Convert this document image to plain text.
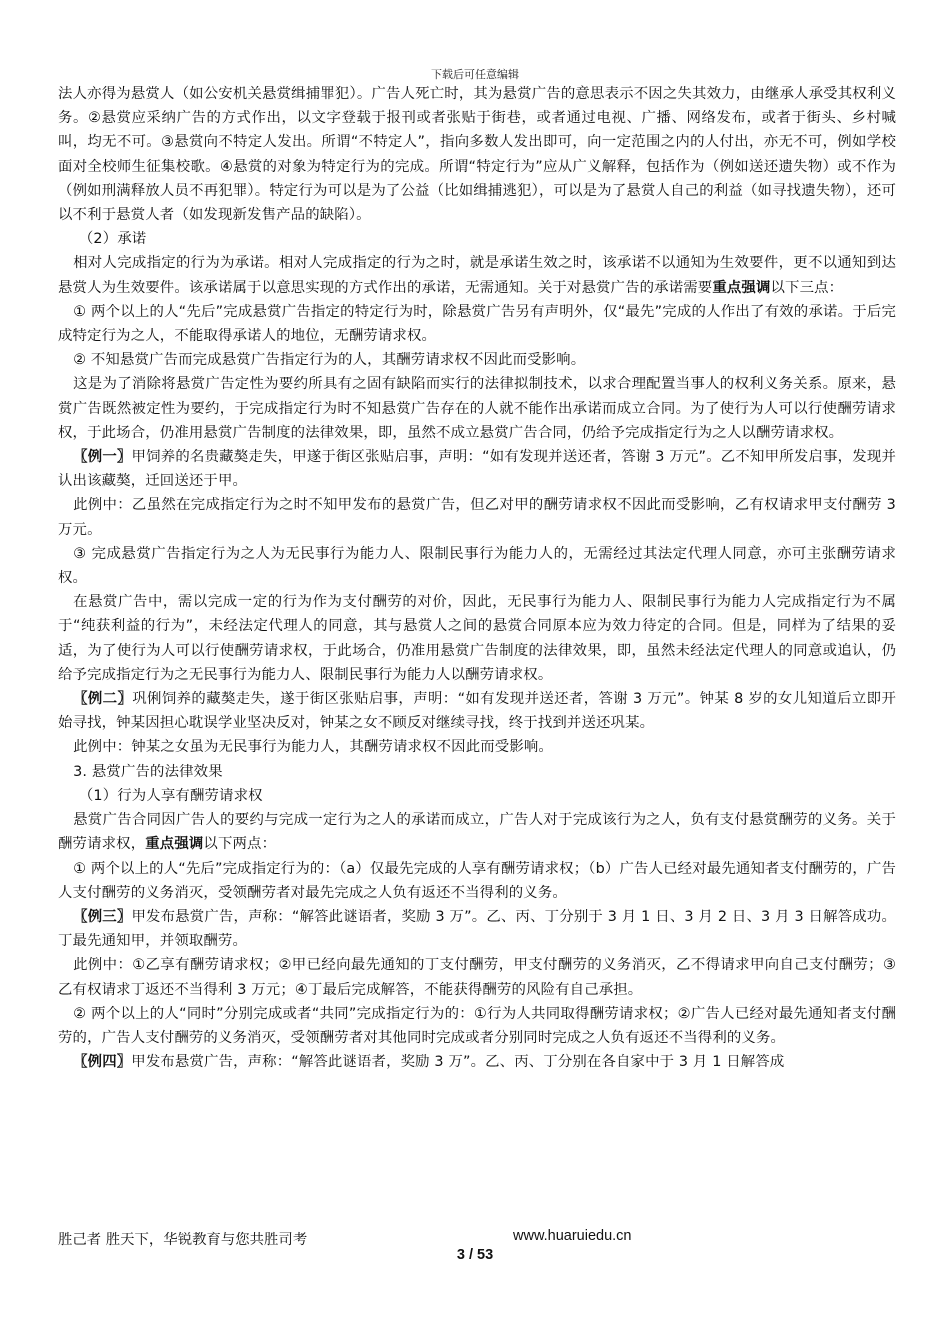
下载后可任意编辑

法人亦得为悬赏人（如公安机关悬赏缉捕罪犯）。广告人死亡时，其为悬赏广告的意思表示不因之失其效力，由继承人承受其权利义务。②悬赏应采纳广告的方式作出，以文字登载于报刊或者张贴于街巷，或者通过电视、广播、网络发布，或者于街头、乡村喊叫，均无不可。③悬赏向不特定人发出。所谓“不特定人”，指向多数人发出即可，向一定范围之内的人付出，亦无不可，例如学校面对全校师生征集校歌。④悬赏的对象为特定行为的完成。所谓“特定行为”应从广义解释，包括作为（例如送还遗失物）或不作为（例如刑满释放人员不再犯罪）。特定行为可以是为了公益（比如缉捕逃犯），可以是为了悬赏人自己的利益（如寻找遗失物），还可以不利于悬赏人者（如发现新发售产品的缺陷）。

（2）承诺

相对人完成指定的行为为承诺。相对人完成指定的行为之时，就是承诺生效之时，该承诺不以通知为生效要件，更不以通知到达悬赏人为生效要件。该承诺属于以意思实现的方式作出的承诺，无需通知。关于对悬赏广告的承诺需要重点强调以下三点：

① 两个以上的人“先后”完成悬赏广告指定的特定行为时，除悬赏广告另有声明外，仅“最先”完成的人作出了有效的承诺。于后完成特定行为之人，不能取得承诺人的地位，无酬劳请求权。

② 不知悬赏广告而完成悬赏广告指定行为的人，其酬劳请求权不因此而受影响。

这是为了消除将悬赏广告定性为要约所具有之固有缺陷而实行的法律拟制技术，以求合理配置当事人的权利义务关系。原来，悬赏广告既然被定性为要约，于完成指定行为时不知悬赏广告存在的人就不能作出承诺而成立合同。为了使行为人可以行使酬劳请求权，于此场合，仍准用悬赏广告制度的法律效果，即，虽然不成立悬赏广告合同，仍给予完成指定行为之人以酬劳请求权。

〖例一〗甲饲养的名贵藏獒走失，甲遂于街区张贴启事，声明：“如有发现并送还者，答谢 3 万元”。乙不知甲所发启事，发现并认出该藏獒，迁回送还于甲。

此例中：乙虽然在完成指定行为之时不知甲发布的悬赏广告，但乙对甲的酬劳请求权不因此而受影响，乙有权请求甲支付酬劳 3 万元。

③ 完成悬赏广告指定行为之人为无民事行为能力人、限制民事行为能力人的，无需经过其法定代理人同意，亦可主张酬劳请求权。

在悬赏广告中，需以完成一定的行为作为支付酬劳的对价，因此，无民事行为能力人、限制民事行为能力人完成指定行为不属于“纯获利益的行为”，未经法定代理人的同意，其与悬赏人之间的悬赏合同原本应为效力待定的合同。但是，同样为了结果的妥适，为了使行为人可以行使酬劳请求权，于此场合，仍准用悬赏广告制度的法律效果，即，虽然未经法定代理人的同意或追认，仍给予完成指定行为之无民事行为能力人、限制民事行为能力人以酬劳请求权。

〖例二〗巩俐饲养的藏獒走失，遂于街区张贴启事，声明：“如有发现并送还者，答谢 3 万元”。钟某 8 岁的女儿知道后立即开始寻找，钟某因担心耽误学业坚决反对，钟某之女不顾反对继续寻找，终于找到并送还巩某。

此例中：钟某之女虽为无民事行为能力人，其酬劳请求权不因此而受影响。

3. 悬赏广告的法律效果

（1）行为人享有酬劳请求权

悬赏广告合同因广告人的要约与完成一定行为之人的承诺而成立，广告人对于完成该行为之人，负有支付悬赏酬劳的义务。关于酬劳请求权，重点强调以下两点：

① 两个以上的人“先后”完成指定行为的：（a）仅最先完成的人享有酬劳请求权；（b）广告人已经对最先通知者支付酬劳的，广告人支付酬劳的义务消灭，受领酬劳者对最先完成之人负有返还不当得利的义务。

〖例三〗甲发布悬赏广告，声称：“解答此谜语者，奖励 3 万”。乙、丙、丁分别于 3 月 1 日、3 月 2 日、3 月 3 日解答成功。丁最先通知甲，并领取酬劳。

此例中：①乙享有酬劳请求权；②甲已经向最先通知的丁支付酬劳，甲支付酬劳的义务消灭，乙不得请求甲向自己支付酬劳；③乙有权请求丁返还不当得利 3 万元；④丁最后完成解答，不能获得酬劳的风险有自己承担。

② 两个以上的人“同时”分别完成或者“共同”完成指定行为的：①行为人共同取得酬劳请求权；②广告人已经对最先通知者支付酬劳的，广告人支付酬劳的义务消灭，受领酬劳者对其他同时完成或者分别同时完成之人负有返还不当得利的义务。

〖例四〗甲发布悬赏广告，声称：“解答此谜语者，奖励 3 万”。乙、丙、丁分别在各自家中于 3 月 1 日解答成

胜己者 胜天下，华锐教育与您共胜司考	www.huaruiedu.cn
3 / 53
